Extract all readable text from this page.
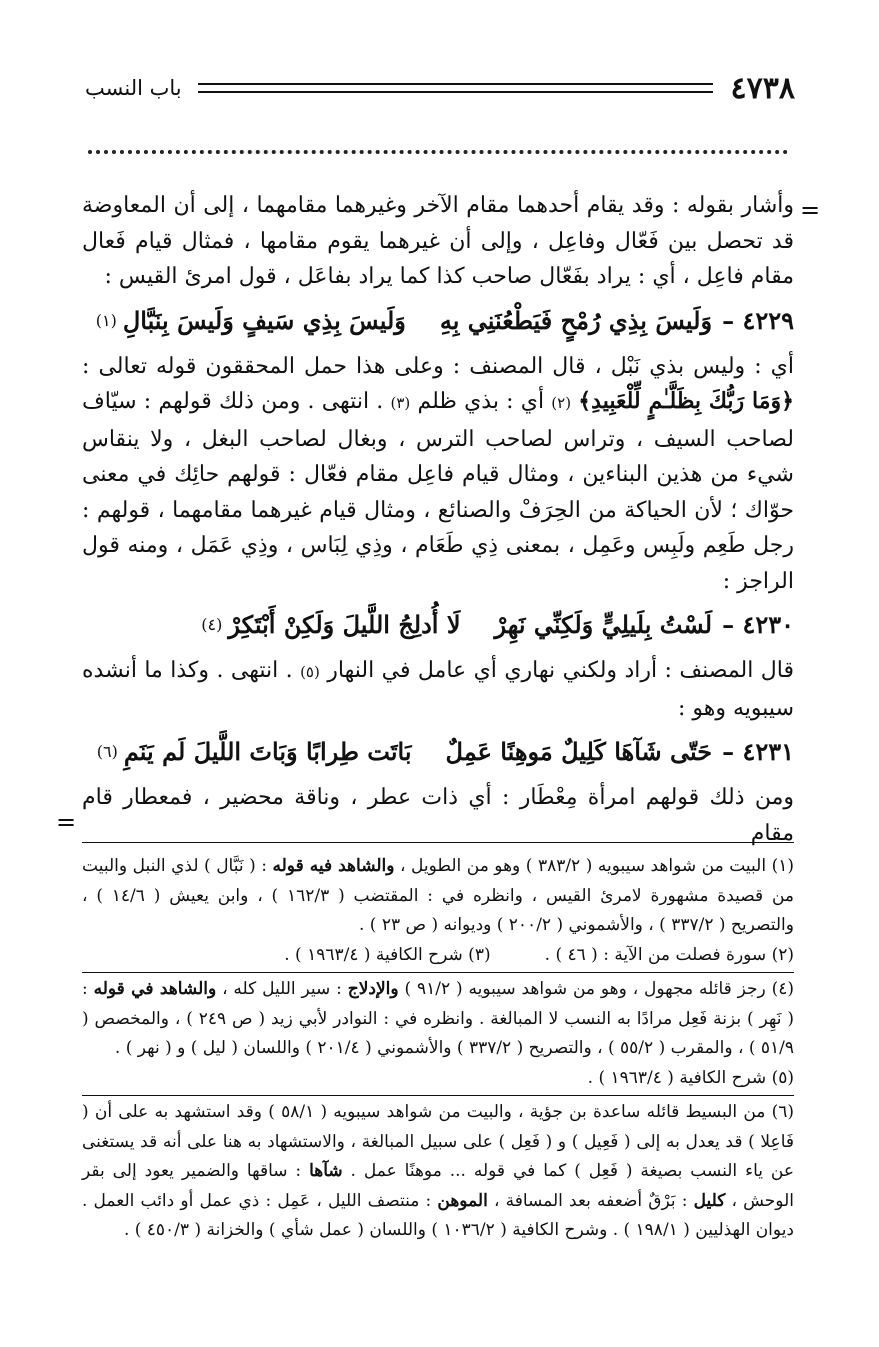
٤٧٣٨
باب النسب
=

وأشار بقوله : وقد يقام أحدهما مقام الآخر وغيرهما مقامهما ، إلى أن المعاوضة قد تحصل بين فَعّال وفاعِل ، وإلى أن غيرهما يقوم مقامها ، فمثال قيام فَعال مقام فاعِل ، أي : يراد بفَعّال صاحب كذا كما يراد بفاعَل ، قول امرئ القيس :

٤٢٢٩ –
وَلَيسَ بِذِي رُمْحٍ فَيَطْعُنَنِي بِهِ
وَلَيسَ بِذِي سَيفٍ وَلَيسَ بِنَبَّالِ
(١)

أي : وليس بذي نَبْل ، قال المصنف : وعلى هذا حمل المحققون قوله تعالى : ﴿وَمَا رَبُّكَ بِظَلَّـٰمٍ لِّلْعَبِيدِ﴾ (٢) أي : بذي ظلم (٣) . انتهى . ومن ذلك قولهم : سيّاف لصاحب السيف ، وتراس لصاحب الترس ، وبغال لصاحب البغل ، ولا ينقاس شيء من هذين البناءين ، ومثال قيام فاعِل مقام فعّال : قولهم حائِك في معنى حوّاك ؛ لأن الحياكة من الحِرَفْ والصنائع ، ومثال قيام غيرهما مقامهما ، قولهم : رجل طَعِم ولَبِس وعَمِل ، بمعنى ذِي طَعَام ، وذِي لِبَاس ، وذِي عَمَل ، ومنه قول الراجز :

٤٢٣٠ –
لَسْتُ بِلَيلِيٍّ وَلَكِنِّي نَهِرْ
لَا أُدلِجُ اللَّيلَ وَلَكِنْ أَبْتَكِرْ
(٤)

قال المصنف : أراد ولكني نهاري أي عامل في النهار (٥) . انتهى . وكذا ما أنشده سيبويه وهو :

٤٢٣١ –
حَتّى شَآهَا كَلِيلٌ مَوهِنًا عَمِلٌ
بَاتَت طِرابًا وَبَاتَ اللَّيلَ لَم يَنَمِ
(٦)

ومن ذلك قولهم امرأة مِعْطَار : أي ذات عطر ، وناقة محضير ، فمعطار قام مقام

=

(١) البيت من شواهد سيبويه ( ٣٨٣/٢ ) وهو من الطويل ، والشاهد فيه قوله : ( نَبَّال ) لذي النبل والبيت من قصيدة مشهورة لامرئ القيس ، وانظره في : المقتضب ( ١٦٢/٣ ) ، وابن يعيش ( ١٤/٦ ) ، والتصريح ( ٣٣٧/٢ ) ، والأشموني ( ٢٠٠/٢ ) وديوانه ( ص ٢٣ ) .

(٢) سورة فصلت من الآية : ( ٤٦ ) .          (٣) شرح الكافية ( ١٩٦٣/٤ ) .

(٤) رجز قائله مجهول ، وهو من شواهد سيبويه ( ٩١/٢ ) والإدلاج : سير الليل كله ، والشاهد في قوله : ( نَهِر ) بزنة فَعِل مرادًا به النسب لا المبالغة . وانظره في : النوادر لأبي زيد ( ص ٢٤٩ ) ، والمخصص ( ٥١/٩ ) ، والمقرب ( ٥٥/٢ ) ، والتصريح ( ٣٣٧/٢ ) والأشموني ( ٢٠١/٤ ) واللسان ( ليل ) و ( نهر ) .

(٥) شرح الكافية ( ١٩٦٣/٤ ) .

(٦) من البسيط قائله ساعدة بن جؤية ، والبيت من شواهد سيبويه ( ٥٨/١ ) وقد استشهد به على أن ( فَاعِلا ) قد يعدل به إلى ( فَعِيل ) و ( فَعِل ) على سبيل المبالغة ، والاستشهاد به هنا على أنه قد يستغنى عن ياء النسب بصيغة ( فَعِل ) كما في قوله ... موهنًا عمل . شآها : ساقها والضمير يعود إلى بقر الوحش ، كليل : بَرْقٌ أضعفه بعد المسافة ، الموهن : منتصف الليل ، عَمِل : ذي عمل أو دائب العمل . ديوان الهذليين ( ١٩٨/١ ) . وشرح الكافية ( ١٠٣٦/٢ ) واللسان ( عمل شأي ) والخزانة ( ٤٥٠/٣ ) .
